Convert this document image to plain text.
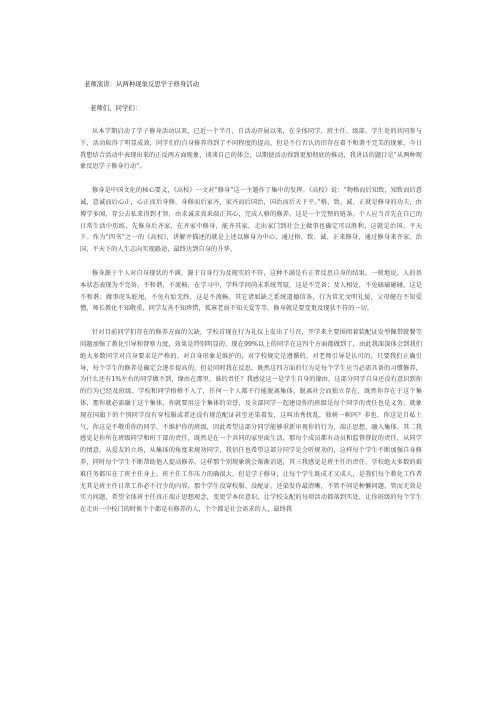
老师演讲：从两种现象反思学子修身活动
老师们、同学们：

从本学期启动了学子修身活动以来，已近一个半月，自活动开展以来，在全体同学、班主任、级部、学生处的共同参与下，活动取得了明显成效，同学们的自身修养得到了不同程度的提高，但是不行否认仍旧存在着不和谐不完美的现象，今日我想结合活动中表现出来的正反两方面现象，谈谈自己的体会，以期使活动得到更加彻底的推动，我讲话的题目是“从两种现象反思学子修身行动”。

修身是中国文化的核心要义，《高校》一文对“修身”这一主题作了集中的发挥。《高校》说：“物格而后知致，知致而后意诚，意诚而后心正，心正而后身修，身修而后家齐，家齐而后国治，国治而后天下平。”格、致、诚、正就是修身的功夫，由博学多闻，存公去私来得到才智，由求诚求真来端正其心，完成人格的修养。这是一个完整的链条，个人应当首先在自己的日常生活中历练，先修身后齐家，在齐家中修身，能齐其家，走出家门到社会上做事也确定可以胜利，这就是治国、平天下。作为“四书”之一的《高校》，讲解并描述的就是上述以修身为中心，通过格、致、诚、正来修身，通过修身来齐家、治国、平天下的人生志向实现路途，最终达到自身的升华。

修身源于个人对自身现状的不满，源于自身行为及现实的不符，这种不满是有正者反思自身的结果。一般地说，人的基本状态表现为不完备、不和谐、不流畅，在学习中，学科学问尚未系统驾驭，这是不完备；及人相处，不免磕磕碰碰，这是不和谐；做事虎头蛇尾，不免有始无终，这是不流畅。其它诸如缺乏系统道德信条，行为常无文明礼貌，父母健在不知爱憎，师长教化不知敬重，同学友善不知珍惜，孤寡老弱不知关爱等等，修身就是要变更及现状不符的一切。

针对目前同学们存在的修养方面的欠缺，学校首现在行为礼仪上发出了号召，开学来主要围阅着装配证发型佩带就餐等问题加强了教化引导和督察力度，效果是特别明显的，现在99%以上的同学在这四个方面都做到了，由此我深深体会到我们绝大多数同学对自身要求是严格的，对自身形象是维护的，对学校规定是遵循的，对老师引导是认可的，只要我们正确引导，每个学生的修养是确定会逐步提高的，但是同时我在反思，既然这四方面的行为是每个学生应当必需具备的习惯修养，为什么还有1%左右的同学做不到，缘由在那里，谁的责任？我感觉这一是学生自身的缘由，这部分同学自身还没有意识到你的行为已经及班级、学校和同学格格不入了，任何一个人都不行能脱离集体，脱离社会而独立存在，既然你存在于这个集体，那你就必需融于这个集体，你就要用这个集体的荣誉，及全部同学一起建设你的班级是每个同学的责任也是义务，就象现在国旗下的个别同学没有穿校服或者还没有规范配证甚至还染着发，这叫出秀扰乱，独树一帜吗？非也，你这是自私土气，你这是不敬重你的同学，不维护你的班级，因此希望这部分同学能够重新审视你的行为，端正思想，融入集体。其二我感觉是你所在班级同学和班干部的责任，既然是在一个共同的家里面生活，那每个成员都有动员和监督督促的责任，从同学的情意，从爱友的立场，从集体的角度来规劝同学，我信任也希望这部分同学是会听规劝的，这样每个学生不断加强自身修养，同时每个学生不断帮助他人提高修养，这样那个别现象就会渐渐消逝，其三我感觉是班主任的责任，学校绝大多数的艰难任务都压在了班主任身上，班主任工作压力的确很大，但是学子修身，让每个学生既成才又成人，是我们每个教化工作者尤其是班主任日常工作必不行少的内容，那个学生没穿校服、没配证、还染发你最清晰，不管不问是种懒问题，管而无效是实力问题，希望全体班主任真正端正思想观念，变更学本位意识，让学校支配的每项活动都落到实处，让你班级的每个学生在走出一中校门的时候个个都是有修养的人，个个都是社会需求的人，最终我
